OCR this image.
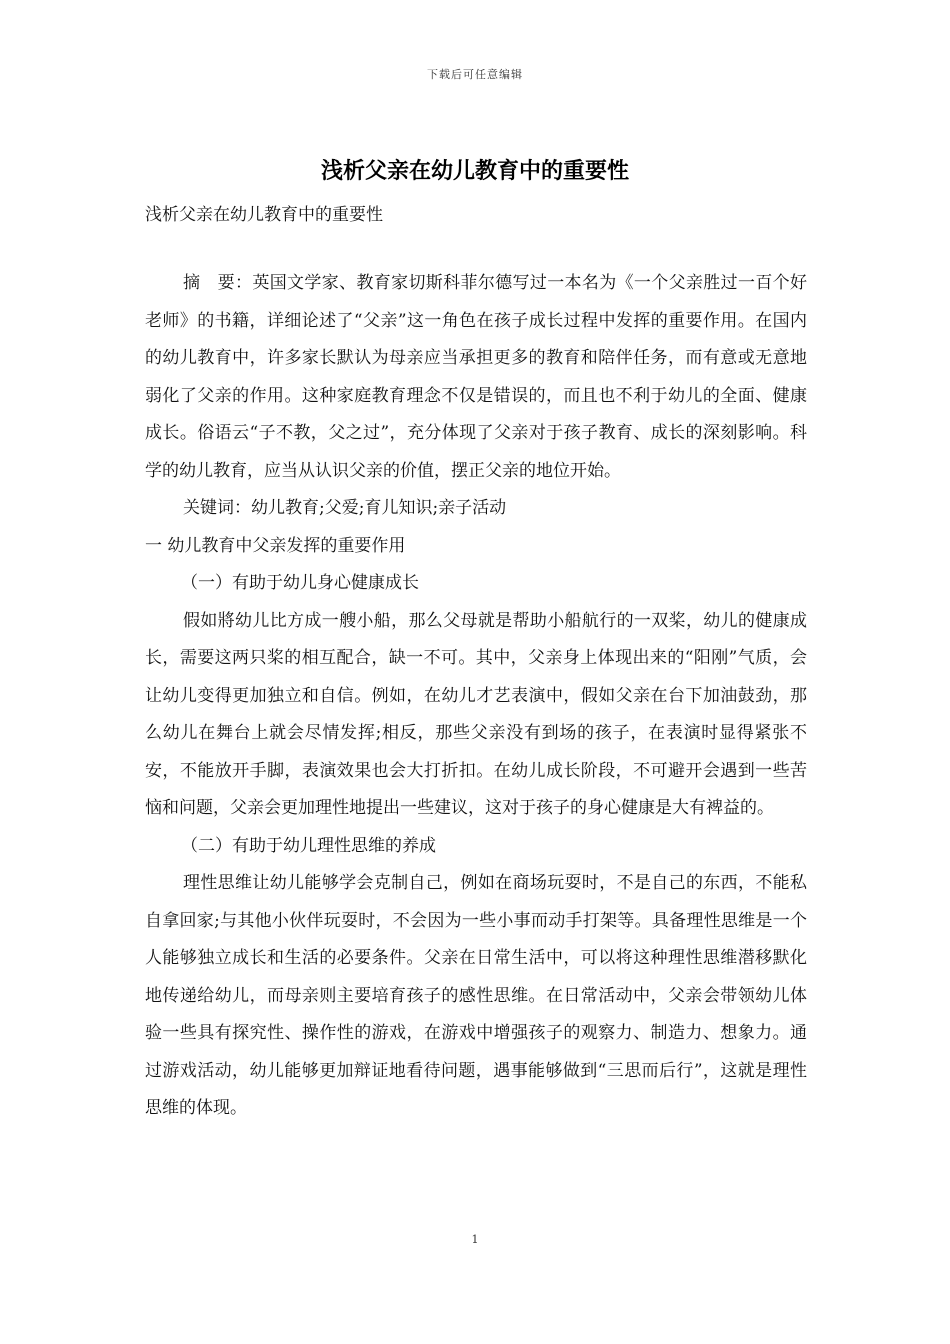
下载后可任意编辑
浅析父亲在幼儿教育中的重要性
浅析父亲在幼儿教育中的重要性

摘　要：英国文学家、教育家切斯科菲尔德写过一本名为《一个父亲胜过一百个好老师》的书籍，详细论述了“父亲”这一角色在孩子成长过程中发挥的重要作用。在国内的幼儿教育中，许多家长默认为母亲应当承担更多的教育和陪伴任务，而有意或无意地弱化了父亲的作用。这种家庭教育理念不仅是错误的，而且也不利于幼儿的全面、健康成长。俗语云“子不教，父之过”，充分体现了父亲对于孩子教育、成长的深刻影响。科学的幼儿教育，应当从认识父亲的价值，摆正父亲的地位开始。

关键词：幼儿教育;父爱;育儿知识;亲子活动

一 幼儿教育中父亲发挥的重要作用

（一）有助于幼儿身心健康成长

假如將幼儿比方成一艘小船，那么父母就是帮助小船航行的一双桨，幼儿的健康成长，需要这两只桨的相互配合，缺一不可。其中，父亲身上体现出来的“阳刚”气质，会让幼儿变得更加独立和自信。例如，在幼儿才艺表演中，假如父亲在台下加油鼓劲，那么幼儿在舞台上就会尽情发挥;相反，那些父亲没有到场的孩子，在表演时显得紧张不安，不能放开手脚，表演效果也会大打折扣。在幼儿成长阶段，不可避开会遇到一些苦恼和问题，父亲会更加理性地提出一些建议，这对于孩子的身心健康是大有裨益的。

（二）有助于幼儿理性思维的养成

理性思维让幼儿能够学会克制自己，例如在商场玩耍时，不是自己的东西，不能私自拿回家;与其他小伙伴玩耍时，不会因为一些小事而动手打架等。具备理性思维是一个人能够独立成长和生活的必要条件。父亲在日常生活中，可以将这种理性思维潜移默化地传递给幼儿，而母亲则主要培育孩子的感性思维。在日常活动中，父亲会带领幼儿体验一些具有探究性、操作性的游戏，在游戏中增强孩子的观察力、制造力、想象力。通过游戏活动，幼儿能够更加辩证地看待问题，遇事能够做到“三思而后行”，这就是理性思维的体现。

1
